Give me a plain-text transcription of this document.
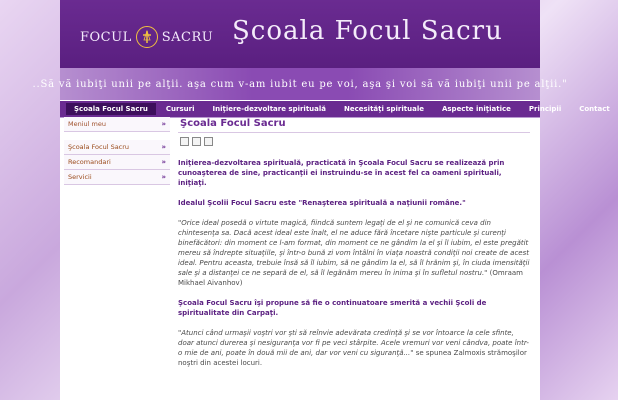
FOCUL SACRU Şcoala Focul Sacru
..Să vă iubiţi unii pe alţii. aşa cum v-am iubit eu pe voi, aşa şi voi să vă iubiţi unii pe alţii."
Şcoala Focul Sacru	Cursuri	Iniţiere-dezvoltare spirituală	Necesităţi spirituale	Aspecte iniţiatice	Principii	Contact
Meniul meu	»
Şcoala Focul Sacru	»
Recomandari	»
Servicii	»
Şcoala Focul Sacru

Iniţierea-dezvoltarea spirituală, practicată în Şcoala Focul Sacru se realizează prin cunoaşterea de sine, practicanţii ei instruindu-se în acest fel ca oameni spirituali, iniţiaţi.

Idealul Şcolii Focul Sacru este "Renaşterea spirituală a naţiunii române."

"Orice ideal posedă o virtute magică, fiindcă suntem legaţi de el şi ne comunică ceva din chintesenţa sa. Dacă acest ideal este înalt, el ne aduce fără încetare nişte particule şi curenţi binefăcători: din moment ce l-am format, din moment ce ne gândim la el şi îl iubim, el este pregătit mereu să îndrepte situaţiile, şi într-o bună zi vom întâlni în viaţa noastră condiţii noi create de acest ideal. Pentru aceasta, trebuie însă să îl iubim, să ne gândim la el, să îl hrănim şi, în ciuda imensităţii sale şi a distanţei ce ne separă de el, să îl legănăm mereu în inima şi în sufletul nostru." (Omraam Mikhael Aivanhov)

Şcoala Focul Sacru îşi propune să fie o continuatoare smerită a vechii Şcoli de spiritualitate din Carpaţi.

"Atunci când urmaşii voştri vor şti să reînvie adevărata credinţă şi se vor întoarce la cele sfinte, doar atunci durerea şi nesiguranţa vor fi pe veci stârpite. Acele vremuri vor veni cândva, poate într-o mie de ani, poate în două mii de ani, dar vor veni cu siguranţă..." se spunea Zalmoxis strămoşilor noştri din acestei locuri.
